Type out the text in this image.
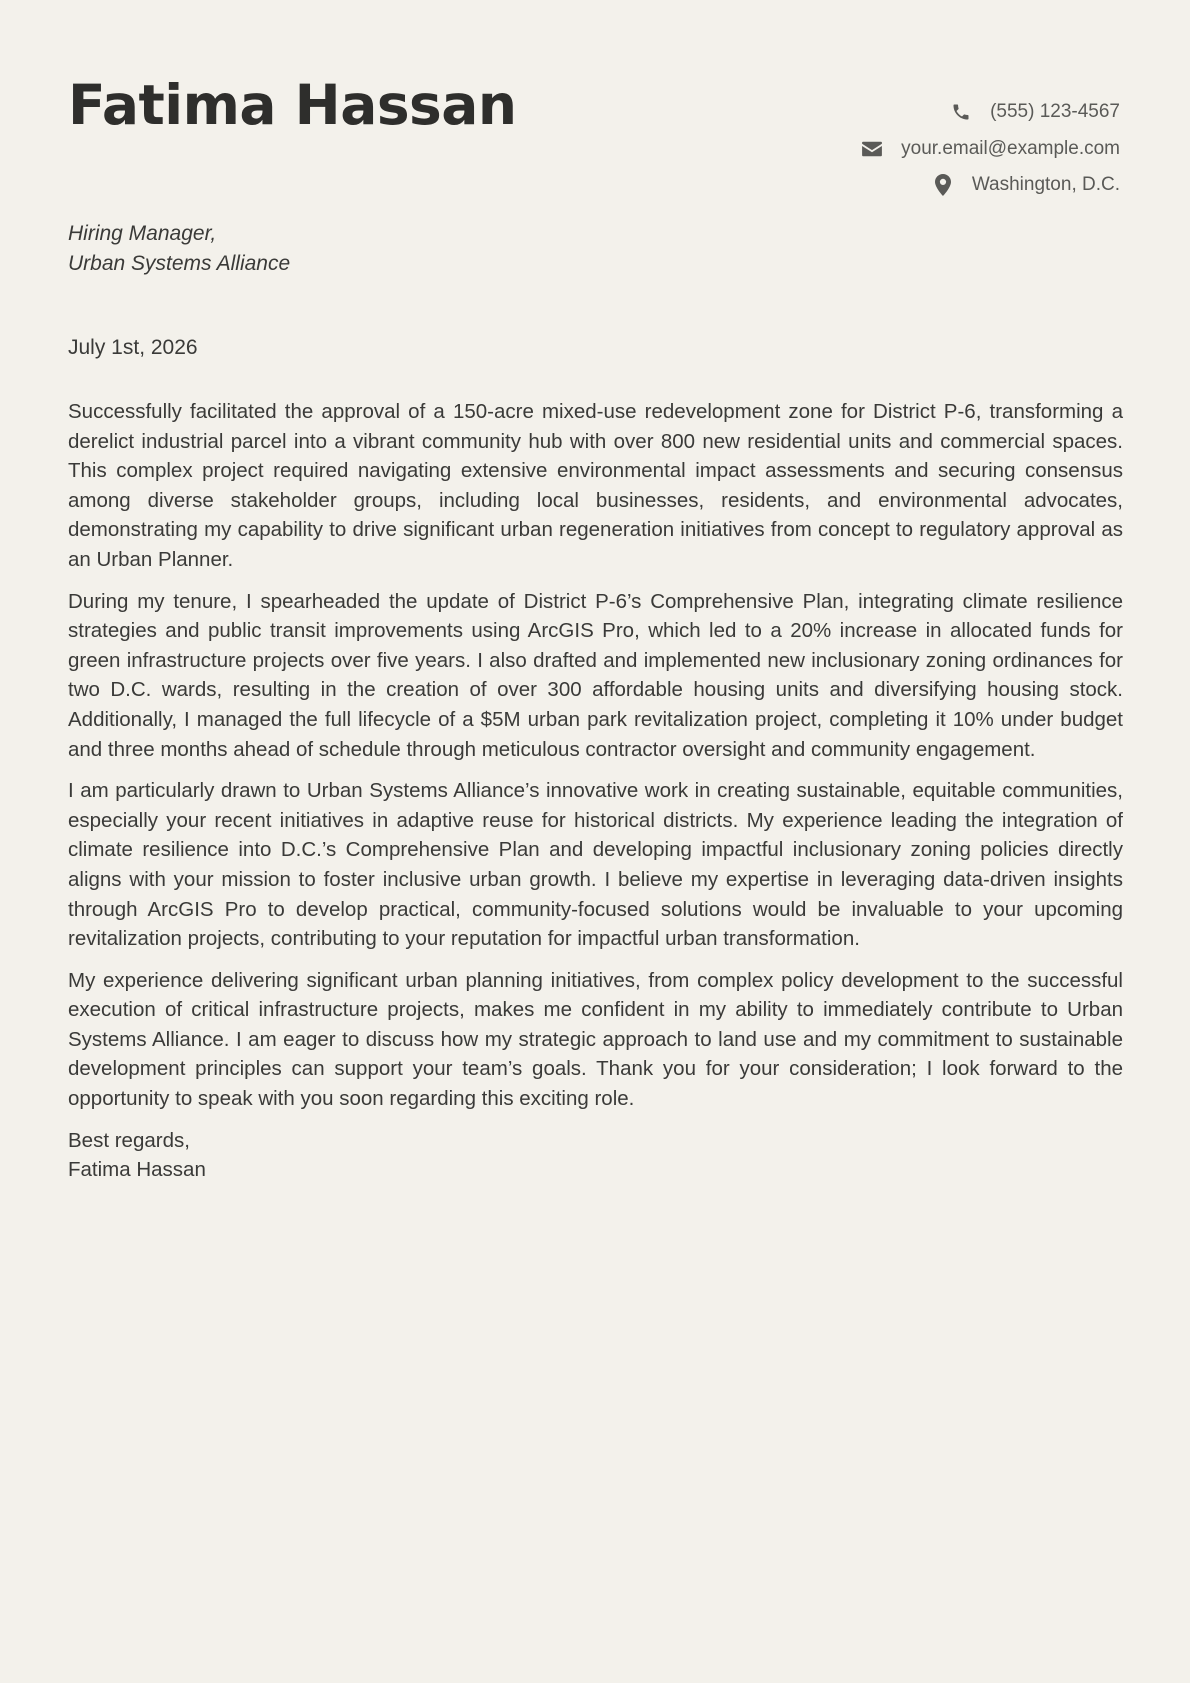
Fatima Hassan	(555) 123-4567
your.email@example.com
Washington, D.C.
Hiring Manager,
Urban Systems Alliance
July 1st, 2026

Successfully facilitated the approval of a 150-acre mixed-use redevelopment zone for District P-6, transforming a derelict industrial parcel into a vibrant community hub with over 800 new residential units and commercial spaces. This complex project required navigating extensive environmental impact assessments and securing consensus among diverse stakeholder groups, including local businesses, residents, and environmental advocates, demonstrating my capability to drive significant urban regeneration initiatives from concept to regulatory approval as an Urban Planner.

During my tenure, I spearheaded the update of District P-6’s Comprehensive Plan, integrating climate resilience strategies and public transit improvements using ArcGIS Pro, which led to a 20% increase in allocated funds for green infrastructure projects over five years. I also drafted and implemented new inclusionary zoning ordinances for two D.C. wards, resulting in the creation of over 300 affordable housing units and diversifying housing stock. Additionally, I managed the full lifecycle of a $5M urban park revitalization project, completing it 10% under budget and three months ahead of schedule through meticulous contractor oversight and community engagement.

I am particularly drawn to Urban Systems Alliance’s innovative work in creating sustainable, equitable communities, especially your recent initiatives in adaptive reuse for historical districts. My experience leading the integration of climate resilience into D.C.’s Comprehensive Plan and developing impactful inclusionary zoning policies directly aligns with your mission to foster inclusive urban growth. I believe my expertise in leveraging data-driven insights through ArcGIS Pro to develop practical, community-focused solutions would be invaluable to your upcoming revitalization projects, contributing to your reputation for impactful urban transformation.

My experience delivering significant urban planning initiatives, from complex policy development to the successful execution of critical infrastructure projects, makes me confident in my ability to immediately contribute to Urban Systems Alliance. I am eager to discuss how my strategic approach to land use and my commitment to sustainable development principles can support your team’s goals. Thank you for your consideration; I look forward to the opportunity to speak with you soon regarding this exciting role.

Best regards,
Fatima Hassan
